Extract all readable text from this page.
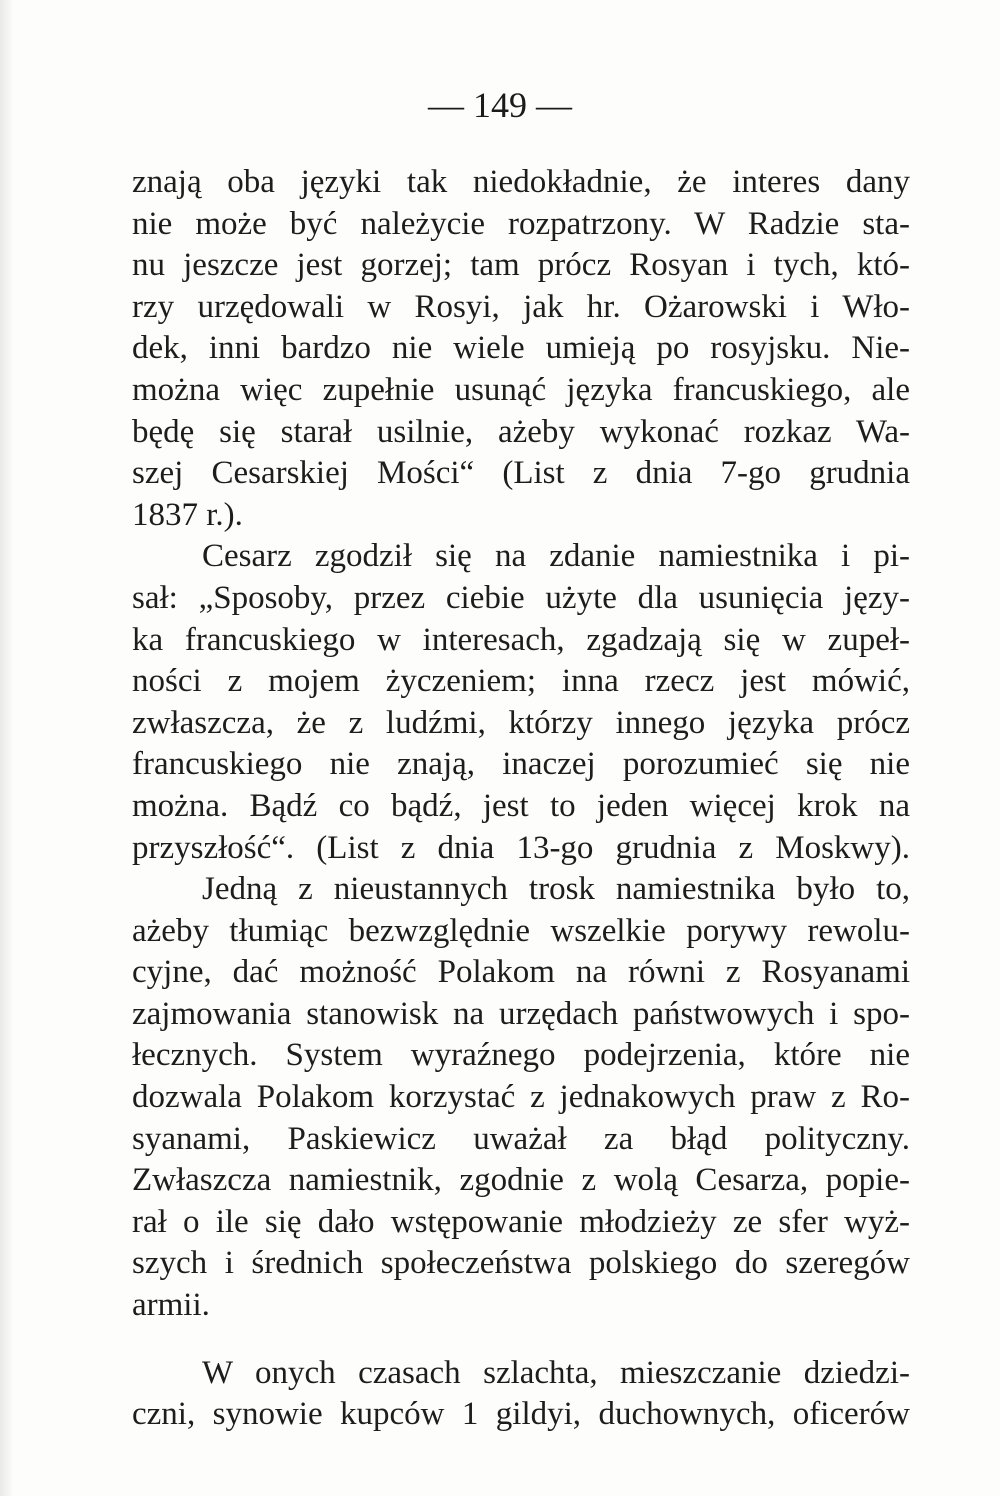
— 149 —
znają oba języki tak niedokładnie, że interes dany
nie może być należycie rozpatrzony. W Radzie sta-
nu jeszcze jest gorzej; tam prócz Rosyan i tych, któ-
rzy urzędowali w Rosyi, jak hr. Ożarowski i Wło-
dek, inni bardzo nie wiele umieją po rosyjsku. Nie-
można więc zupełnie usunąć języka francuskiego, ale
będę się starał usilnie, ażeby wykonać rozkaz Wa-
szej Cesarskiej Mości“ (List z dnia 7-go grudnia
1837 r.).
Cesarz zgodził się na zdanie namiestnika i pi-
sał: „Sposoby, przez ciebie użyte dla usunięcia języ-
ka francuskiego w interesach, zgadzają się w zupeł-
ności z mojem życzeniem; inna rzecz jest mówić,
zwłaszcza, że z ludźmi, którzy innego języka prócz
francuskiego nie znają, inaczej porozumieć się nie
można. Bądź co bądź, jest to jeden więcej krok na
przyszłość“. (List z dnia 13-go grudnia z Moskwy).
Jedną z nieustannych trosk namiestnika było to,
ażeby tłumiąc bezwzględnie wszelkie porywy rewolu-
cyjne, dać możność Polakom na równi z Rosyanami
zajmowania stanowisk na urzędach państwowych i spo-
łecznych. System wyraźnego podejrzenia, które nie
dozwala Polakom korzystać z jednakowych praw z Ro-
syanami, Paskiewicz uważał za błąd polityczny.
Zwłaszcza namiestnik, zgodnie z wolą Cesarza, popie-
rał o ile się dało wstępowanie młodzieży ze sfer wyż-
szych i średnich społeczeństwa polskiego do szeregów
armii.
W onych czasach szlachta, mieszczanie dziedzi-
czni, synowie kupców 1 gildyi, duchownych, oficerów
